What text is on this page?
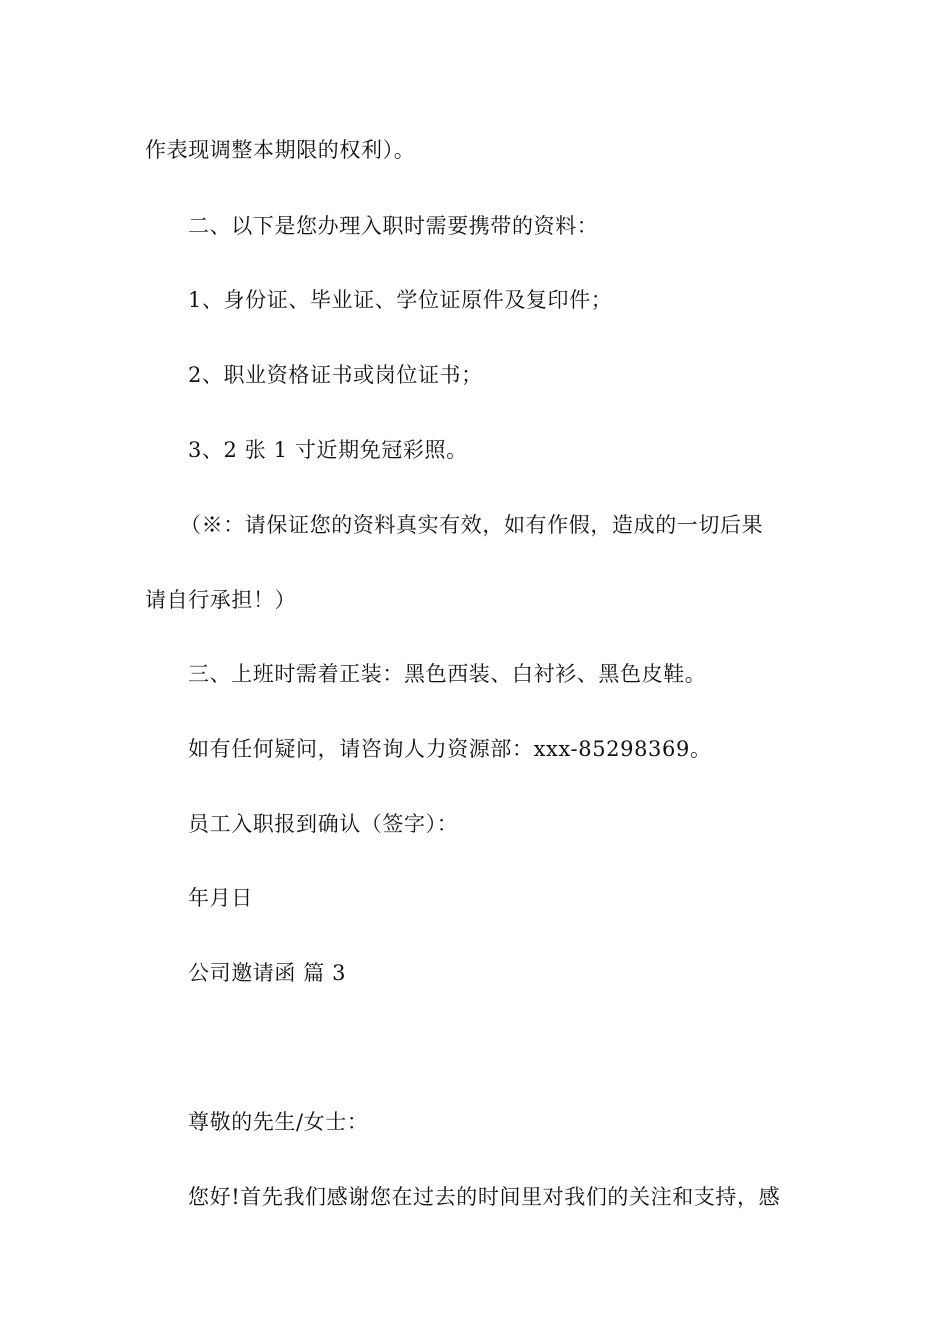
作表现调整本期限的权利）。
二、以下是您办理入职时需要携带的资料：
1、身份证、毕业证、学位证原件及复印件；
2、职业资格证书或岗位证书；
3、2 张 1 寸近期免冠彩照。
（※：请保证您的资料真实有效，如有作假，造成的一切后果
请自行承担！）
三、上班时需着正装：黑色西装、白衬衫、黑色皮鞋。
如有任何疑问，请咨询人力资源部：xxx-85298369。
员工入职报到确认（签字）：
年月日
公司邀请函 篇 3
尊敬的先生/女士：
您好!首先我们感谢您在过去的时间里对我们的关注和支持，感
